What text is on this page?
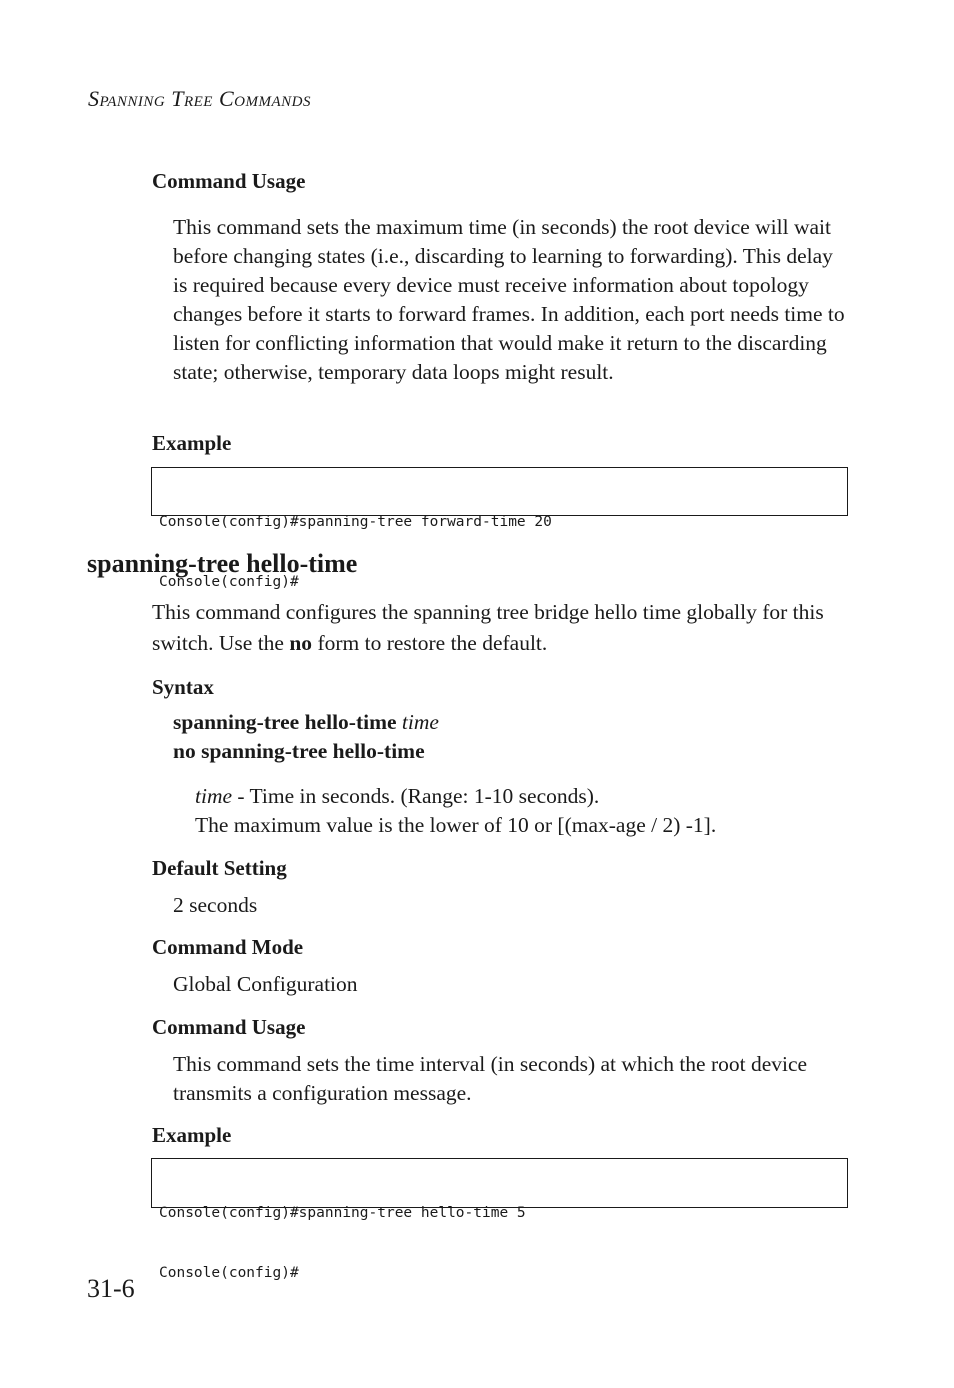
Spanning Tree Commands
Command Usage
This command sets the maximum time (in seconds) the root device will wait before changing states (i.e., discarding to learning to forwarding). This delay is required because every device must receive information about topology changes before it starts to forward frames. In addition, each port needs time to listen for conflicting information that would make it return to the discarding state; otherwise, temporary data loops might result.
Example

Console(config)#spanning-tree forward-time 20

Console(config)#

spanning-tree hello-time
This command configures the spanning tree bridge hello time globally for this switch. Use the no form to restore the default.
Syntax
spanning-tree hello-time time
no spanning-tree hello-time
time - Time in seconds. (Range: 1-10 seconds).
The maximum value is the lower of 10 or [(max-age / 2) -1].
Default Setting
2 seconds
Command Mode
Global Configuration
Command Usage
This command sets the time interval (in seconds) at which the root device transmits a configuration message.
Example

Console(config)#spanning-tree hello-time 5

Console(config)#

31-6
